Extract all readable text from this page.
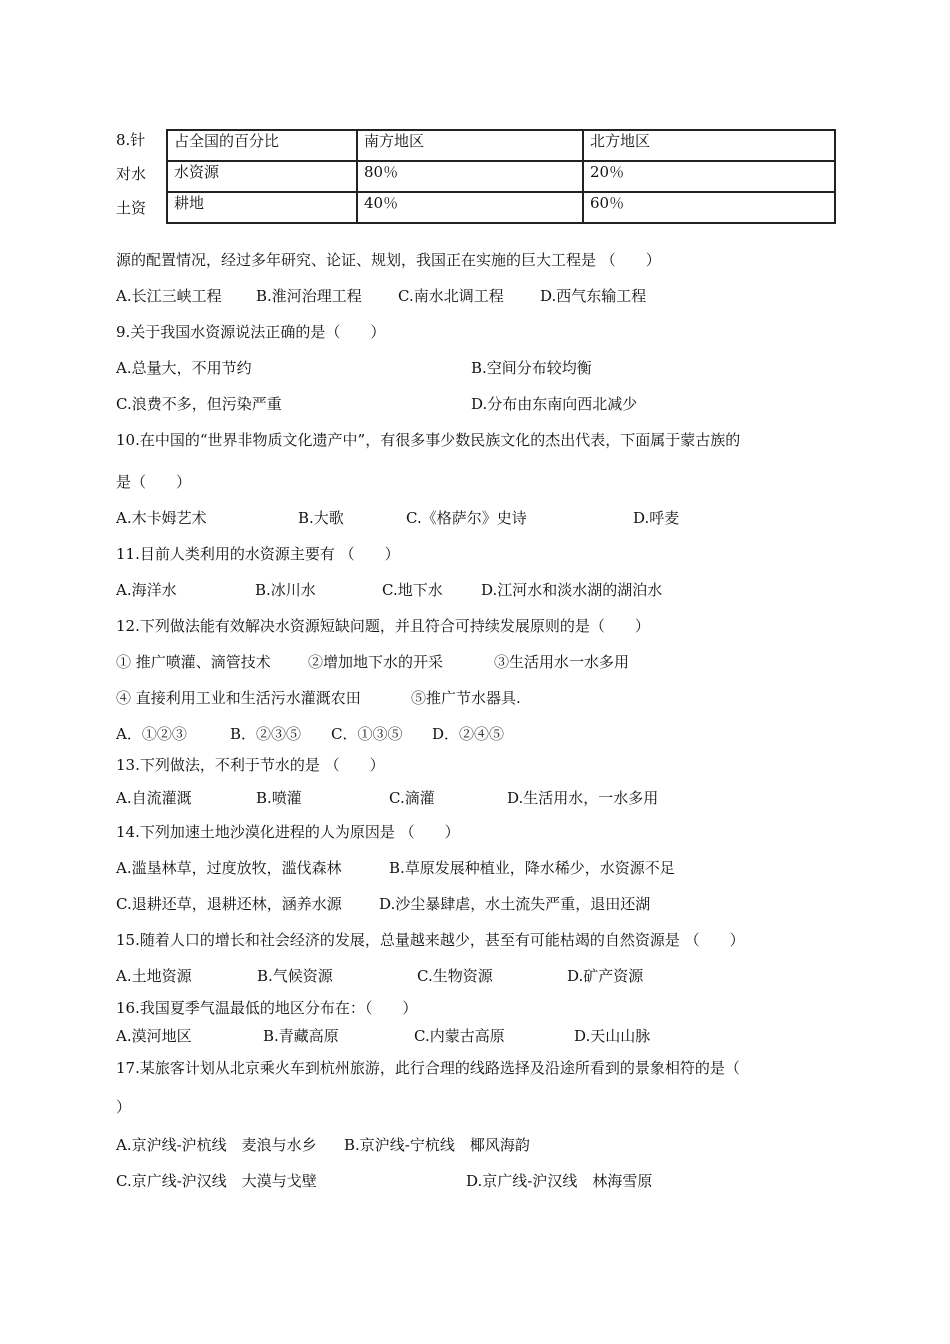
8.针
对水
土资
占全国的百分比	南方地区	北方地区
水资源	80％	20％
耕地	40％	60％
源的配置情况，经过多年研究、论证、规划，我国正在实施的巨大工程是 （　　）
A.长江三峡工程 B.淮河治理工程 C.南水北调工程 D.西气东输工程
9.关于我国水资源说法正确的是（　　）
A.总量大，不用节约	B.空间分布较均衡
C.浪费不多，但污染严重	D.分布由东南向西北减少
10.在中国的“世界非物质文化遗产中”，有很多事少数民族文化的杰出代表，下面属于蒙古族的
是（　　）
A.木卡姆艺术	B.大歌	C.《格萨尔》史诗	D.呼麦
11.目前人类利用的水资源主要有 （　　）
A.海洋水	B.冰川水	C.地下水	D.江河水和淡水湖的湖泊水
12.下列做法能有效解决水资源短缺问题，并且符合可持续发展原则的是（　　）
① 推广喷灌、滴管技术 ②增加地下水的开采	③生活用水一水多用
④ 直接利用工业和生活污水灌溉农田	⑤推广节水器具.
A．①②③	B．②③⑤ C．①③⑤ D．②④⑤
13.下列做法，不利于节水的是 （　　）
A.自流灌溉	B.喷灌	C.滴灌	D.生活用水，一水多用
14.下列加速土地沙漠化进程的人为原因是 （　　）
A.滥垦林草，过度放牧，滥伐森林	B.草原发展种植业，降水稀少，水资源不足
C.退耕还草，退耕还林，涵养水源 D.沙尘暴肆虐，水土流失严重，退田还湖
15.随着人口的增长和社会经济的发展，总量越来越少，甚至有可能枯竭的自然资源是 （　　）
A.土地资源	B.气候资源	C.生物资源	D.矿产资源
16.我国夏季气温最低的地区分布在：（　　）
A.漠河地区	B.青藏高原	C.内蒙古高原	D.天山山脉
17.某旅客计划从北京乘火车到杭州旅游，此行合理的线路选择及沿途所看到的景象相符的是（
）
A.京沪线-沪杭线　麦浪与水乡 B.京沪线-宁杭线　椰风海韵
C.京广线-沪汉线　大漠与戈壁	D.京广线-沪汉线　林海雪原
